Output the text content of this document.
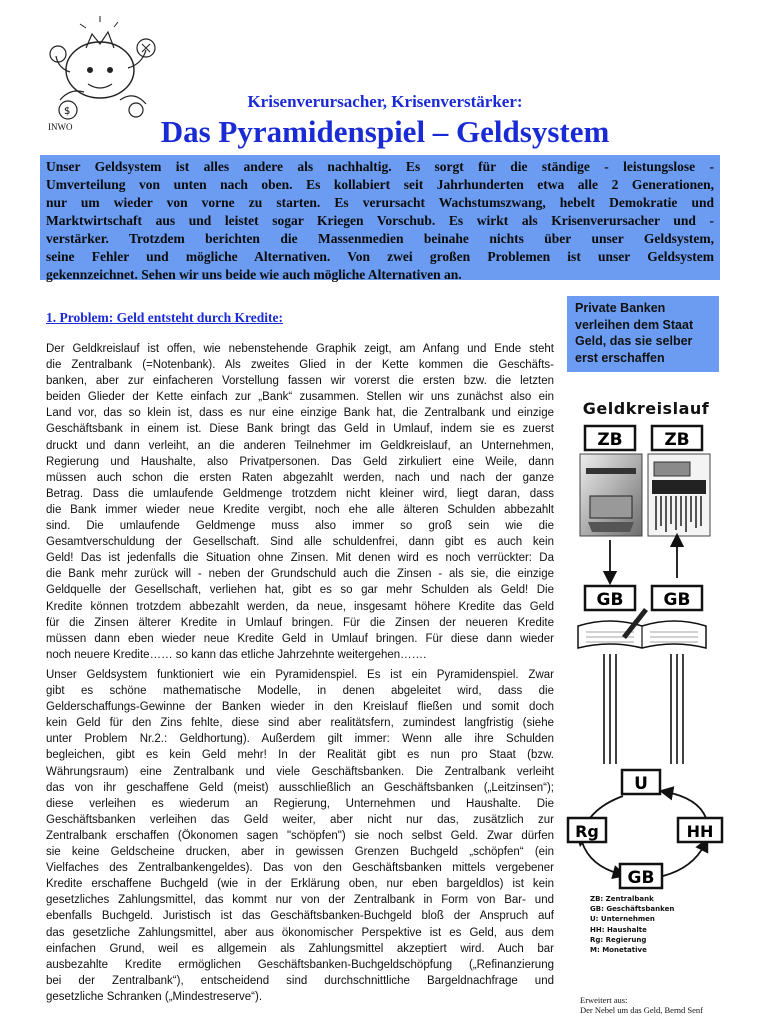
$
INWO
Krisenverursacher, Krisenverstärker:
Das Pyramidenspiel – Geldsystem
Unser Geldsystem ist alles andere als nachhaltig. Es sorgt für die ständige - leistungslose -
Umverteilung von unten nach oben. Es kollabiert seit Jahrhunderten etwa alle 2 Generationen,
nur um wieder von vorne zu starten. Es verursacht Wachstumszwang, hebelt Demokratie und
Marktwirtschaft aus und leistet sogar Kriegen Vorschub. Es wirkt als Krisenverursacher und -
verstärker. Trotzdem berichten die Massenmedien beinahe nichts über unser Geldsystem,
seine Fehler und mögliche Alternativen. Von zwei großen Problemen ist unser Geldsystem
gekennzeichnet. Sehen wir uns beide wie auch mögliche Alternativen an.
1. Problem: Geld entsteht durch Kredite:
Der Geldkreislauf ist offen, wie nebenstehende Graphik zeigt, am Anfang und Ende steht
die Zentralbank (=Notenbank). Als zweites Glied in der Kette kommen die Geschäfts-
banken, aber zur einfacheren Vorstellung fassen wir vorerst die ersten bzw. die letzten
beiden Glieder der Kette einfach zur „Bank“ zusammen. Stellen wir uns zunächst also ein
Land vor, das so klein ist, dass es nur eine einzige Bank hat, die Zentralbank und einzige
Geschäftsbank in einem ist. Diese Bank bringt das Geld in Umlauf, indem sie es zuerst
druckt und dann verleiht, an die anderen Teilnehmer im Geldkreislauf, an Unternehmen,
Regierung und Haushalte, also Privatpersonen. Das Geld zirkuliert eine Weile, dann
müssen auch schon die ersten Raten abgezahlt werden, nach und nach der ganze
Betrag. Dass die umlaufende Geldmenge trotzdem nicht kleiner wird, liegt daran, dass
die Bank immer wieder neue Kredite vergibt, noch ehe alle älteren Schulden abbezahlt
sind. Die umlaufende Geldmenge muss also immer so groß sein wie die
Gesamtverschuldung der Gesellschaft. Sind alle schuldenfrei, dann gibt es auch kein
Geld! Das ist jedenfalls die Situation ohne Zinsen. Mit denen wird es noch verrückter: Da
die Bank mehr zurück will - neben der Grundschuld auch die Zinsen - als sie, die einzige
Geldquelle der Gesellschaft, verliehen hat, gibt es so gar mehr Schulden als Geld! Die
Kredite können trotzdem abbezahlt werden, da neue, insgesamt höhere Kredite das Geld
für die Zinsen älterer Kredite in Umlauf bringen. Für die Zinsen der neueren Kredite
müssen dann eben wieder neue Kredite Geld in Umlauf bringen. Für diese dann wieder
noch neuere Kredite…… so kann das etliche Jahrzehnte weitergehen…….
Unser Geldsystem funktioniert wie ein Pyramidenspiel. Es ist ein Pyramidenspiel. Zwar
gibt es schöne mathematische Modelle, in denen abgeleitet wird, dass die
Gelderschaffungs-Gewinne der Banken wieder in den Kreislauf fließen und somit doch
kein Geld für den Zins fehlte, diese sind aber realitätsfern, zumindest langfristig (siehe
unter Problem Nr.2.: Geldhortung). Außerdem gilt immer: Wenn alle ihre Schulden
begleichen, gibt es kein Geld mehr! In der Realität gibt es nun pro Staat (bzw.
Währungsraum) eine Zentralbank und viele Geschäftsbanken. Die Zentralbank verleiht
das von ihr geschaffene Geld (meist) ausschließlich an Geschäftsbanken („Leitzinsen“);
diese verleihen es wiederum an Regierung, Unternehmen und Haushalte. Die
Geschäftsbanken verleihen das Geld weiter, aber nicht nur das, zusätzlich zur
Zentralbank erschaffen (Ökonomen sagen "schöpfen") sie noch selbst Geld. Zwar dürfen
sie keine Geldscheine drucken, aber in gewissen Grenzen Buchgeld „schöpfen“ (ein
Vielfaches des Zentralbankengeldes). Das von den Geschäftsbanken mittels vergebener
Kredite erschaffene Buchgeld (wie in der Erklärung oben, nur eben bargeldlos) ist kein
gesetzliches Zahlungsmittel, das kommt nur von der Zentralbank in Form von Bar- und
ebenfalls Buchgeld. Juristisch ist das Geschäftsbanken-Buchgeld bloß der Anspruch auf
das gesetzliche Zahlungsmittel, aber aus ökonomischer Perspektive ist es Geld, aus dem
einfachen Grund, weil es allgemein als Zahlungsmittel akzeptiert wird. Auch bar
ausbezahlte Kredite ermöglichen Geschäftsbanken-Buchgeldschöpfung („Refinanzierung
bei der Zentralbank“), entscheidend sind durchschnittliche Bargeldnachfrage und
gesetzliche Schranken („Mindestreserve“).
Private Banken
verleihen dem Staat
Geld, das sie selber
erst erschaffen
Geldkreislauf
ZB ZB
GB GB
U
Rg	HH
GB
ZB: Zentralbank
GB: Geschäftsbanken
U: Unternehmen
HH: Haushalte
Rg: Regierung
M: Monetative
Erweitert aus:
Der Nebel um das Geld, Bernd Senf
